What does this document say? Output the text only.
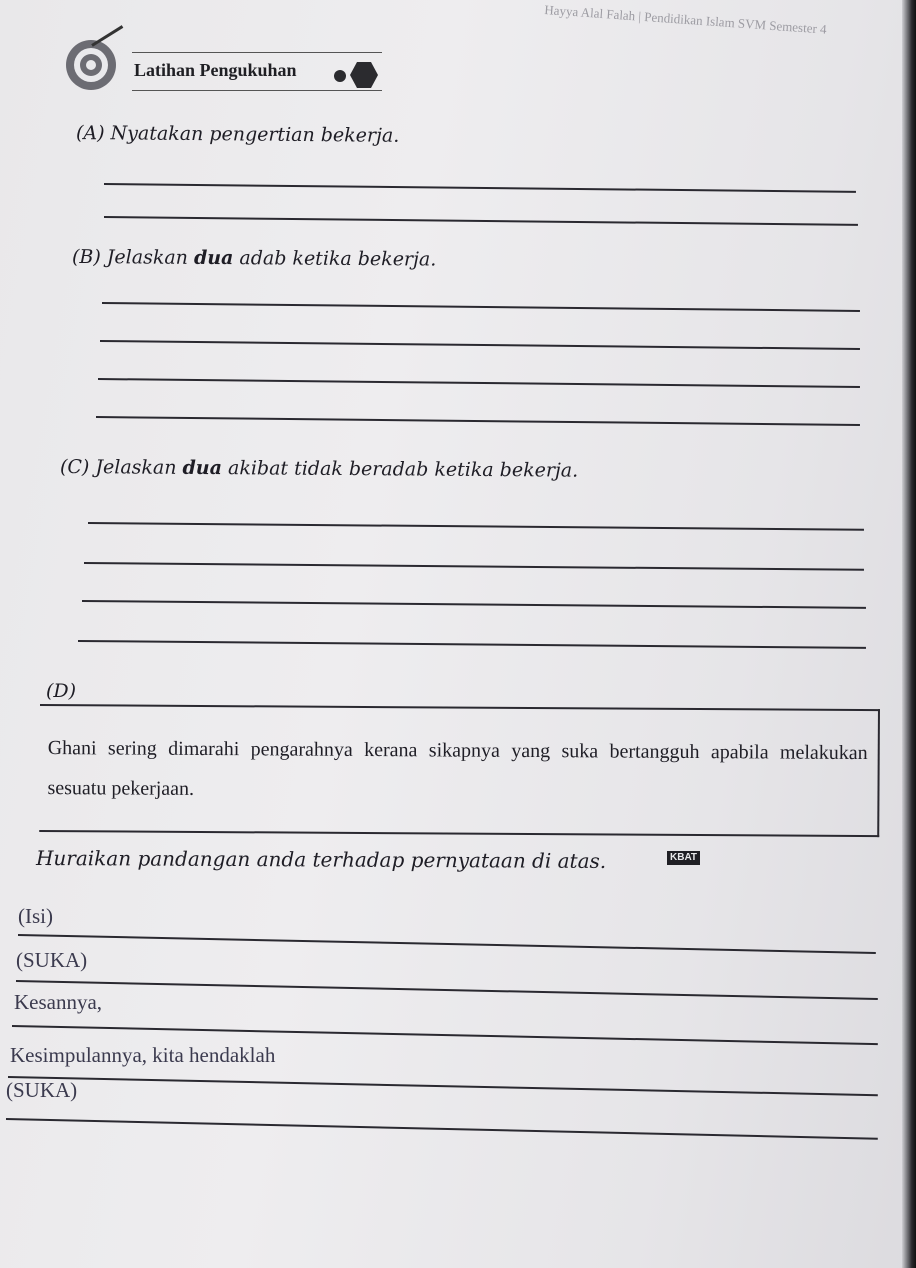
Hayya Alal Falah | Pendidikan Islam SVM Semester 4
Latihan Pengukuhan
(A) Nyatakan pengertian bekerja.
(B) Jelaskan dua adab ketika bekerja.
(C) Jelaskan dua akibat tidak beradab ketika bekerja.
(D)
Ghani sering dimarahi pengarahnya kerana sikapnya yang suka bertangguh apabila melakukan sesuatu pekerjaan.
Huraikan pandangan anda terhadap pernyataan di atas.	KBAT
(Isi)
(SUKA)
Kesannya,
Kesimpulannya, kita hendaklah
(SUKA)
